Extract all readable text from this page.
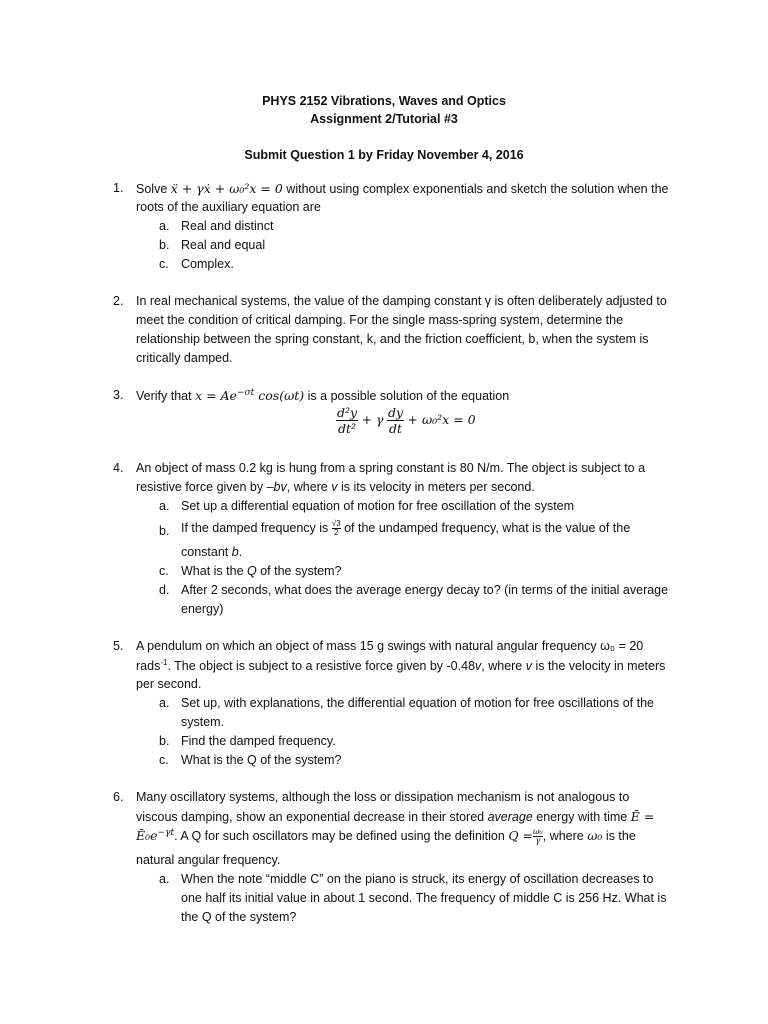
PHYS 2152 Vibrations, Waves and Optics
Assignment 2/Tutorial #3
Submit Question 1 by Friday November 4, 2016
1. Solve ẍ + γẋ + ω₀²x = 0 without using complex exponentials and sketch the solution when the
roots of the auxiliary equation are
a. Real and distinct
b. Real and equal
c. Complex.
2. In real mechanical systems, the value of the damping constant γ is often deliberately adjusted to
meet the condition of critical damping. For the single mass-spring system, determine the
relationship between the spring constant, k, and the friction coefficient, b, when the system is
critically damped.
3. Verify that $x = Ae^{-\sigma t}$ cos(ωt) is a possible solution of the equation
$\frac{\text{d²y}}{\text{dt²}} + \gamma \frac{dy}{dt} + \omega_0^2x = 0$
4. An object of mass 0.2 kg is hung from a spring constant is 80 N/m. The object is subject to a
resistive force given by –bv, where v is its velocity in meters per second.
a. Set up a differential equation of motion for free oscillation of the system
b. If the damped frequency is $\frac{√3}{2}$ of the undamped frequency, what is the value of the
constant b.
c. What is the Q of the system?
d. After 2 seconds, what does the average energy decay to? (in terms of the initial average
energy)
5. A pendulum on which an object of mass 15 g swings with natural angular frequency ω₀ = 20
rads$^{-1}$. The object is subject to a resistive force given by -0.48v, where v is the velocity in meters
per second.
a. Set up, with explanations, the differential equation of motion for free oscillations of the
system.
b. Find the damped frequency.
c. What is the Q of the system?
6. Many oscillatory systems, although the loss or dissipation mechanism is not analogous to
viscous damping, show an exponential decrease in their stored average energy with time Ē =
$Ē_0e^{-\gamma t}$. A Q for such oscillators may be defined using the definition $Q = \frac{\text{ω₀}}{\gamma}$, where ω₀ is the
natural angular frequency.
a. When the note “middle C” on the piano is struck, its energy of oscillation decreases to
one half its initial value in about 1 second. The frequency of middle C is 256 Hz. What is
the Q of the system?
